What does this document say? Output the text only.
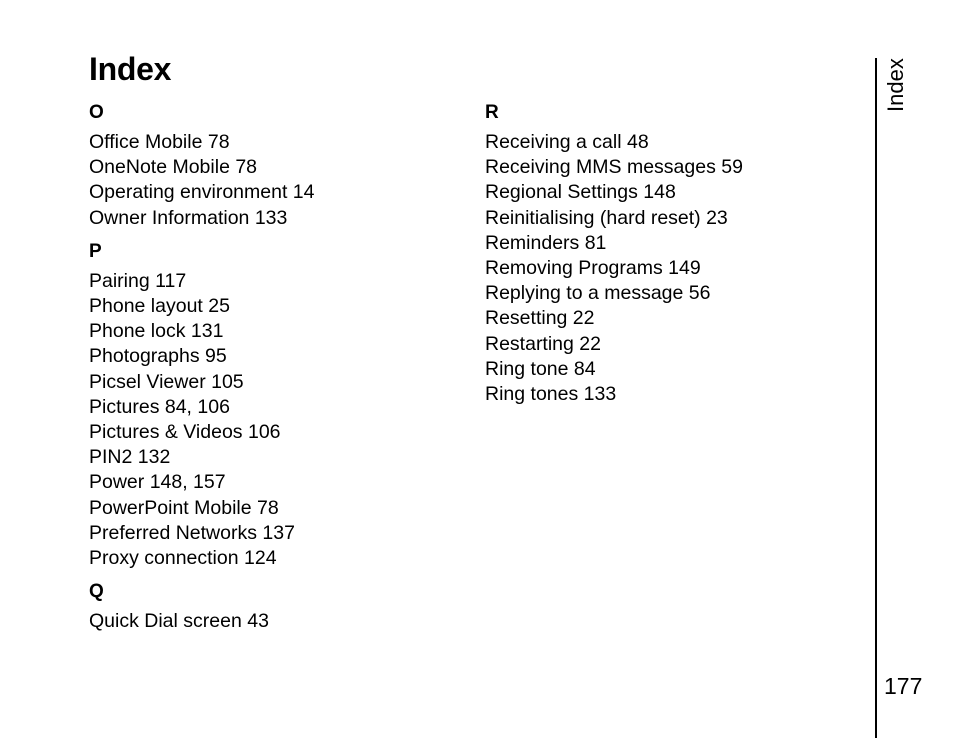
Index
O
Office Mobile 78
OneNote Mobile 78
Operating environment 14
Owner Information 133
P
Pairing 117
Phone layout 25
Phone lock 131
Photographs 95
Picsel Viewer 105
Pictures 84, 106
Pictures & Videos 106
PIN2 132
Power 148, 157
PowerPoint Mobile 78
Preferred Networks 137
Proxy connection 124
Q
Quick Dial screen 43
R
Receiving a call 48
Receiving MMS messages 59
Regional Settings 148
Reinitialising (hard reset) 23
Reminders 81
Removing Programs 149
Replying to a message 56
Resetting 22
Restarting 22
Ring tone 84
Ring tones 133
Index
177
